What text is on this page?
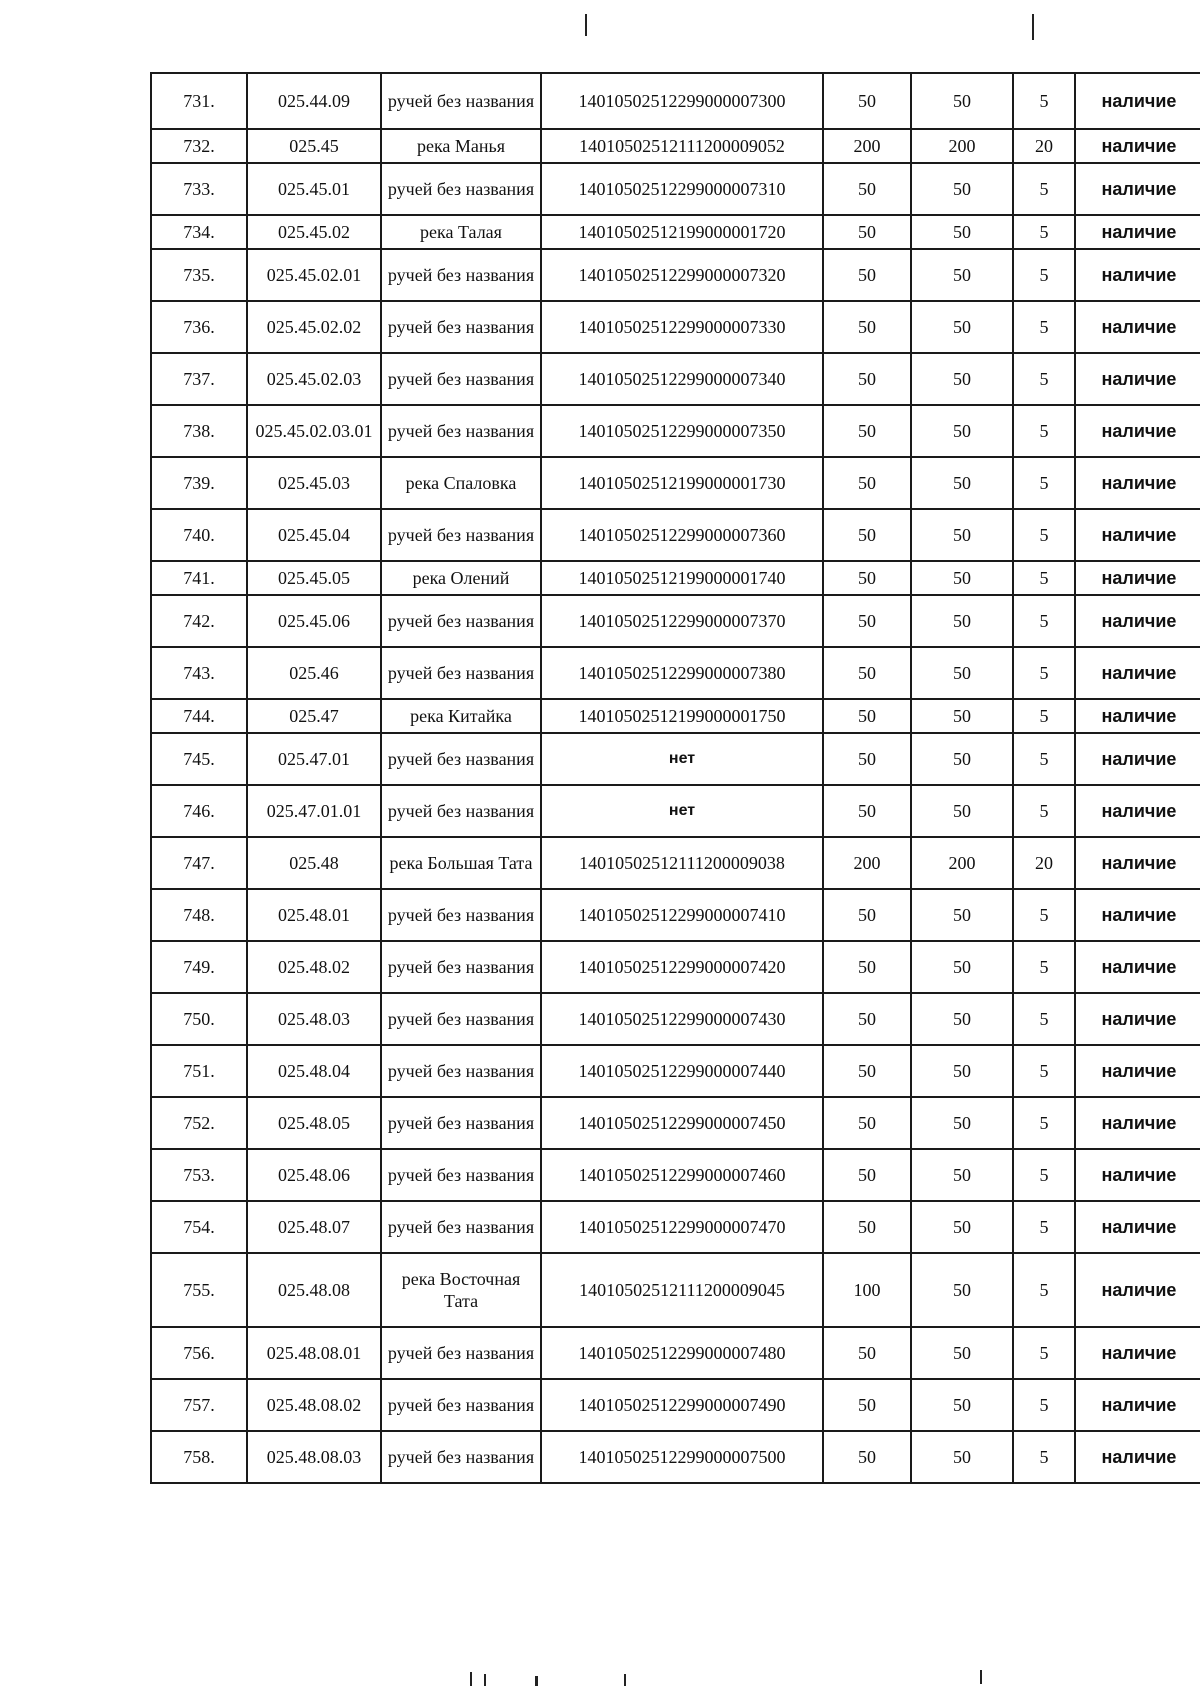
731.	025.44.09	ручей без названия	14010502512299000007300	50	50	5	наличие
732.	025.45	река Манья	14010502512111200009052	200	200	20	наличие
733.	025.45.01	ручей без названия	14010502512299000007310	50	50	5	наличие
734.	025.45.02	река Талая	14010502512199000001720	50	50	5	наличие
735.	025.45.02.01	ручей без названия	14010502512299000007320	50	50	5	наличие
736.	025.45.02.02	ручей без названия	14010502512299000007330	50	50	5	наличие
737.	025.45.02.03	ручей без названия	14010502512299000007340	50	50	5	наличие
738.	025.45.02.03.01	ручей без названия	14010502512299000007350	50	50	5	наличие
739.	025.45.03	река Спаловка	14010502512199000001730	50	50	5	наличие
740.	025.45.04	ручей без названия	14010502512299000007360	50	50	5	наличие
741.	025.45.05	река Олений	14010502512199000001740	50	50	5	наличие
742.	025.45.06	ручей без названия	14010502512299000007370	50	50	5	наличие
743.	025.46	ручей без названия	14010502512299000007380	50	50	5	наличие
744.	025.47	река Китайка	14010502512199000001750	50	50	5	наличие
745.	025.47.01	ручей без названия	нет	50	50	5	наличие
746.	025.47.01.01	ручей без названия	нет	50	50	5	наличие
747.	025.48	река Большая Тата	14010502512111200009038	200	200	20	наличие
748.	025.48.01	ручей без названия	14010502512299000007410	50	50	5	наличие
749.	025.48.02	ручей без названия	14010502512299000007420	50	50	5	наличие
750.	025.48.03	ручей без названия	14010502512299000007430	50	50	5	наличие
751.	025.48.04	ручей без названия	14010502512299000007440	50	50	5	наличие
752.	025.48.05	ручей без названия	14010502512299000007450	50	50	5	наличие
753.	025.48.06	ручей без названия	14010502512299000007460	50	50	5	наличие
754.	025.48.07	ручей без названия	14010502512299000007470	50	50	5	наличие
755.	025.48.08	река Восточная Тата	14010502512111200009045	100	50	5	наличие
756.	025.48.08.01	ручей без названия	14010502512299000007480	50	50	5	наличие
757.	025.48.08.02	ручей без названия	14010502512299000007490	50	50	5	наличие
758.	025.48.08.03	ручей без названия	14010502512299000007500	50	50	5	наличие
